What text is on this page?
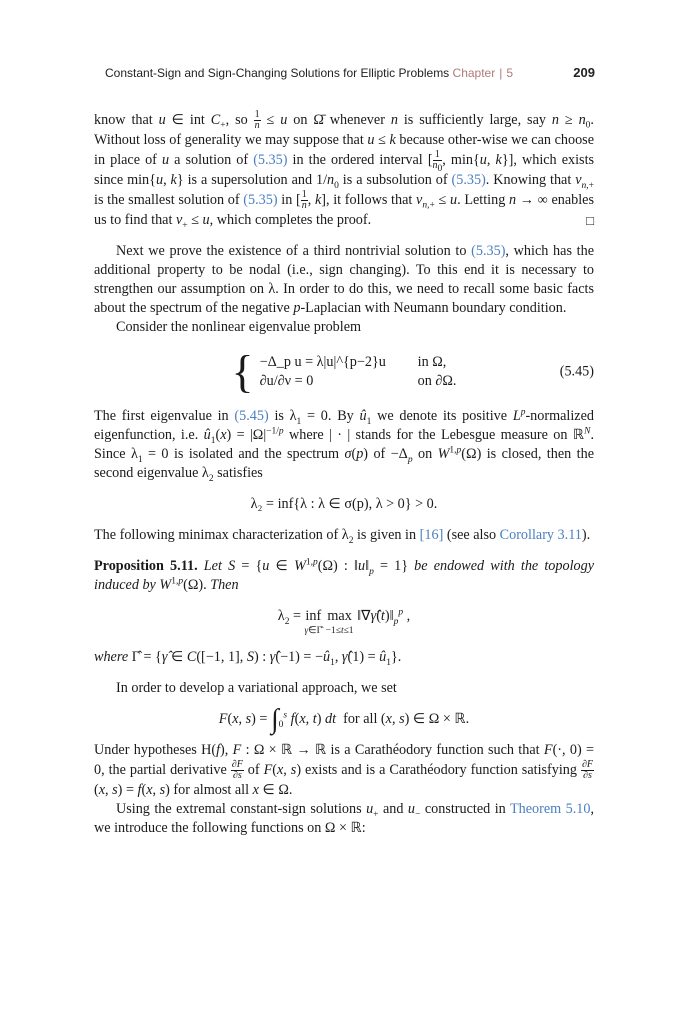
Constant-Sign and Sign-Changing Solutions for Elliptic Problems Chapter | 5	209

know that u ∈ int $C_+$, so $\frac{1}{n} \le u$ on Ω̄ whenever n is sufficiently large, say $n \ge n_0$. Without loss of generality we may suppose that u ≤ k because other-wise we can choose in place of u a solution of (5.35) in the ordered interval [ $\frac{1}{n_0}$ , min{u, k}], which exists since min{u, k} is a supersolution and $1/n_0$ is a subsolution of (5.35). Knowing that $v_{n,+}$ is the smallest solution of (5.35) in [ $\frac{1}{n}$ , k], it follows that $v_{n,+} \le u$. Letting n → ∞ enables us to find that $v_+ \le u$, which completes the proof.	□

Next we prove the existence of a third nontrivial solution to (5.35), which has the additional property to be nodal (i.e., sign changing). To this end it is necessary to strengthen our assumption on λ. In order to do this, we need to recall some basic facts about the spectrum of the negative p-Laplacian with Neumann boundary condition.

Consider the nonlinear eigenvalue problem

{ −Δ_p u = λ|u|^{p−2}u in Ω,
∂u/∂ν = 0	on ∂Ω.
(5.45)

The first eigenvalue in (5.45) is $\lambda_1 = 0$. By $û_1$ we denote its positive $L^p$-normalized eigenfunction, i.e. $û_1(x) = |\Omega|^{-1/p}$ where | · | stands for the Lebesgue measure on ℝ$^N$. Since $\lambda_1 = 0$ is isolated and the spectrum σ(p) of $-\Delta_p$ on W$^{1,p}$(Ω) is closed, then the second eigenvalue $\lambda_2$ satisfies

λ₂ = inf{λ : λ ∈ σ(p), λ > 0} > 0.

The following minimax characterization of $\lambda_2$ is given in [16] (see also Corollary 3.11).

Proposition 5.11. Let S = {u ∈ W$^{1,p}$(Ω) : $‖u‖_p = 1$} be endowed with the topology induced by W$^{1,p}$(Ω). Then

$\lambda_2$ = inf
γ̂∈Γ̂

max
−1≤t≤1
$‖\nabla\gammâ(t)‖_p^p$ ,

where Γ̂ = {γ̂ ∈ C([−1, 1], S) : γ̂(−1) = $-û_1$, γ̂(1) = $û_1$}.

In order to develop a variational approach, we set

F(x, $s) = \int_0^s$ f(x, t) dt  for all (x, s) ∈ Ω × ℝ.

Under hypotheses H(f), F : Ω × ℝ → ℝ is a Carathéodory function such that F(·, 0) = 0, the partial derivative $\frac{\partial F}{\partial s}$ of F(x, s) exists and is a Carathéodory function satisfying $\frac{\partial F}{\partial s}$
(x, s) = f(x, s) for almost all x ∈ Ω.

Using the extremal constant-sign solutions $u_+$ and $u_-$ constructed in Theorem 5.10, we introduce the following functions on Ω × ℝ:
